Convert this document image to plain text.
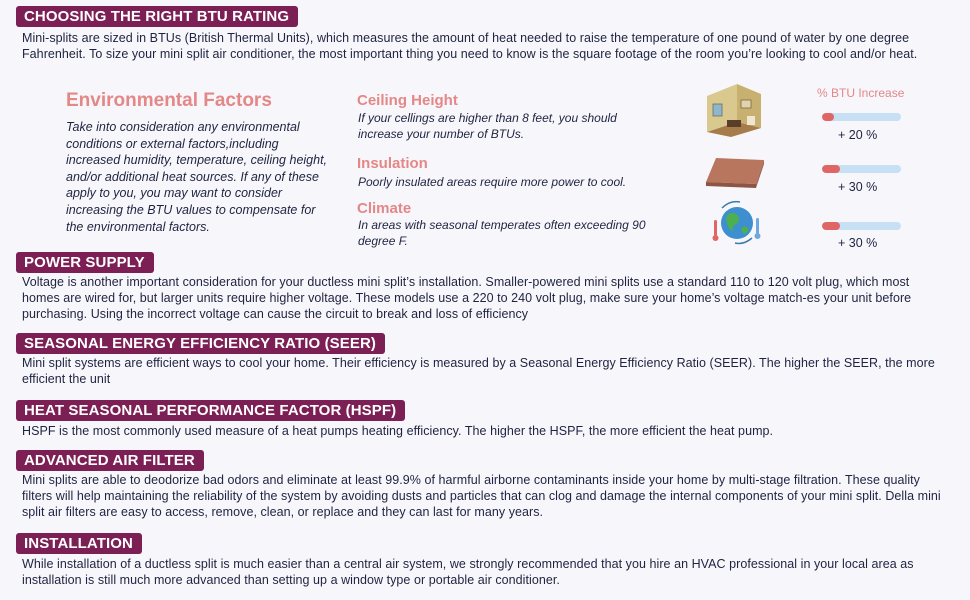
CHOOSING THE RIGHT BTU RATING
Mini-splits are sized in BTUs (British Thermal Units), which measures the amount of heat needed to raise the temperature of one pound of water by one degree Fahrenheit. To size your mini split air conditioner, the most important thing you need to know is the square footage of the room you’re looking to cool and/or heat.
Environmental Factors
Take into consideration any environmental conditions or external factors,including increased humidity, temperature, ceiling height, and/or additional heat sources. If any of these apply to you, you may want to consider increasing the BTU values to compensate for the environmental factors.
Ceiling Height
If your cellings are higher than 8 feet, you should increase your number of BTUs.
Insulation
Poorly insulated areas require more power to cool.
Climate
In areas with seasonal temperates often exceeding 90 degree F.
% BTU Increase
+ 20 %
+ 30 %
+ 30 %
POWER SUPPLY
Voltage is another important consideration for your ductless mini split’s installation. Smaller-powered mini splits use a standard 110 to 120 volt plug, which most homes are wired for, but larger units require higher voltage. These models use a 220 to 240 volt plug, make sure your home’s voltage match-es your unit before purchasing. Using the incorrect voltage can cause the circuit to break and loss of efficiency
SEASONAL ENERGY EFFICIENCY RATIO (SEER)
Mini split systems are efficient ways to cool your home. Their efficiency is measured by a Seasonal Energy Efficiency Ratio (SEER). The higher the SEER, the more efficient the unit
HEAT SEASONAL PERFORMANCE FACTOR (HSPF)
HSPF is the most commonly used measure of a heat pumps heating efficiency. The higher the HSPF, the more efficient the heat pump.
ADVANCED AIR FILTER
Mini splits are able to deodorize bad odors and eliminate at least 99.9% of harmful airborne contaminants inside your home by multi-stage filtration. These quality filters will help maintaining the reliability of the system by avoiding dusts and particles that can clog and damage the internal components of your mini split. Della mini split air filters are easy to access, remove, clean, or replace and they can last for many years.
INSTALLATION
While installation of a ductless split is much easier than a central air system, we strongly recommended that you hire an HVAC professional in your local area as installation is still much more advanced than setting up a window type or portable air conditioner.
